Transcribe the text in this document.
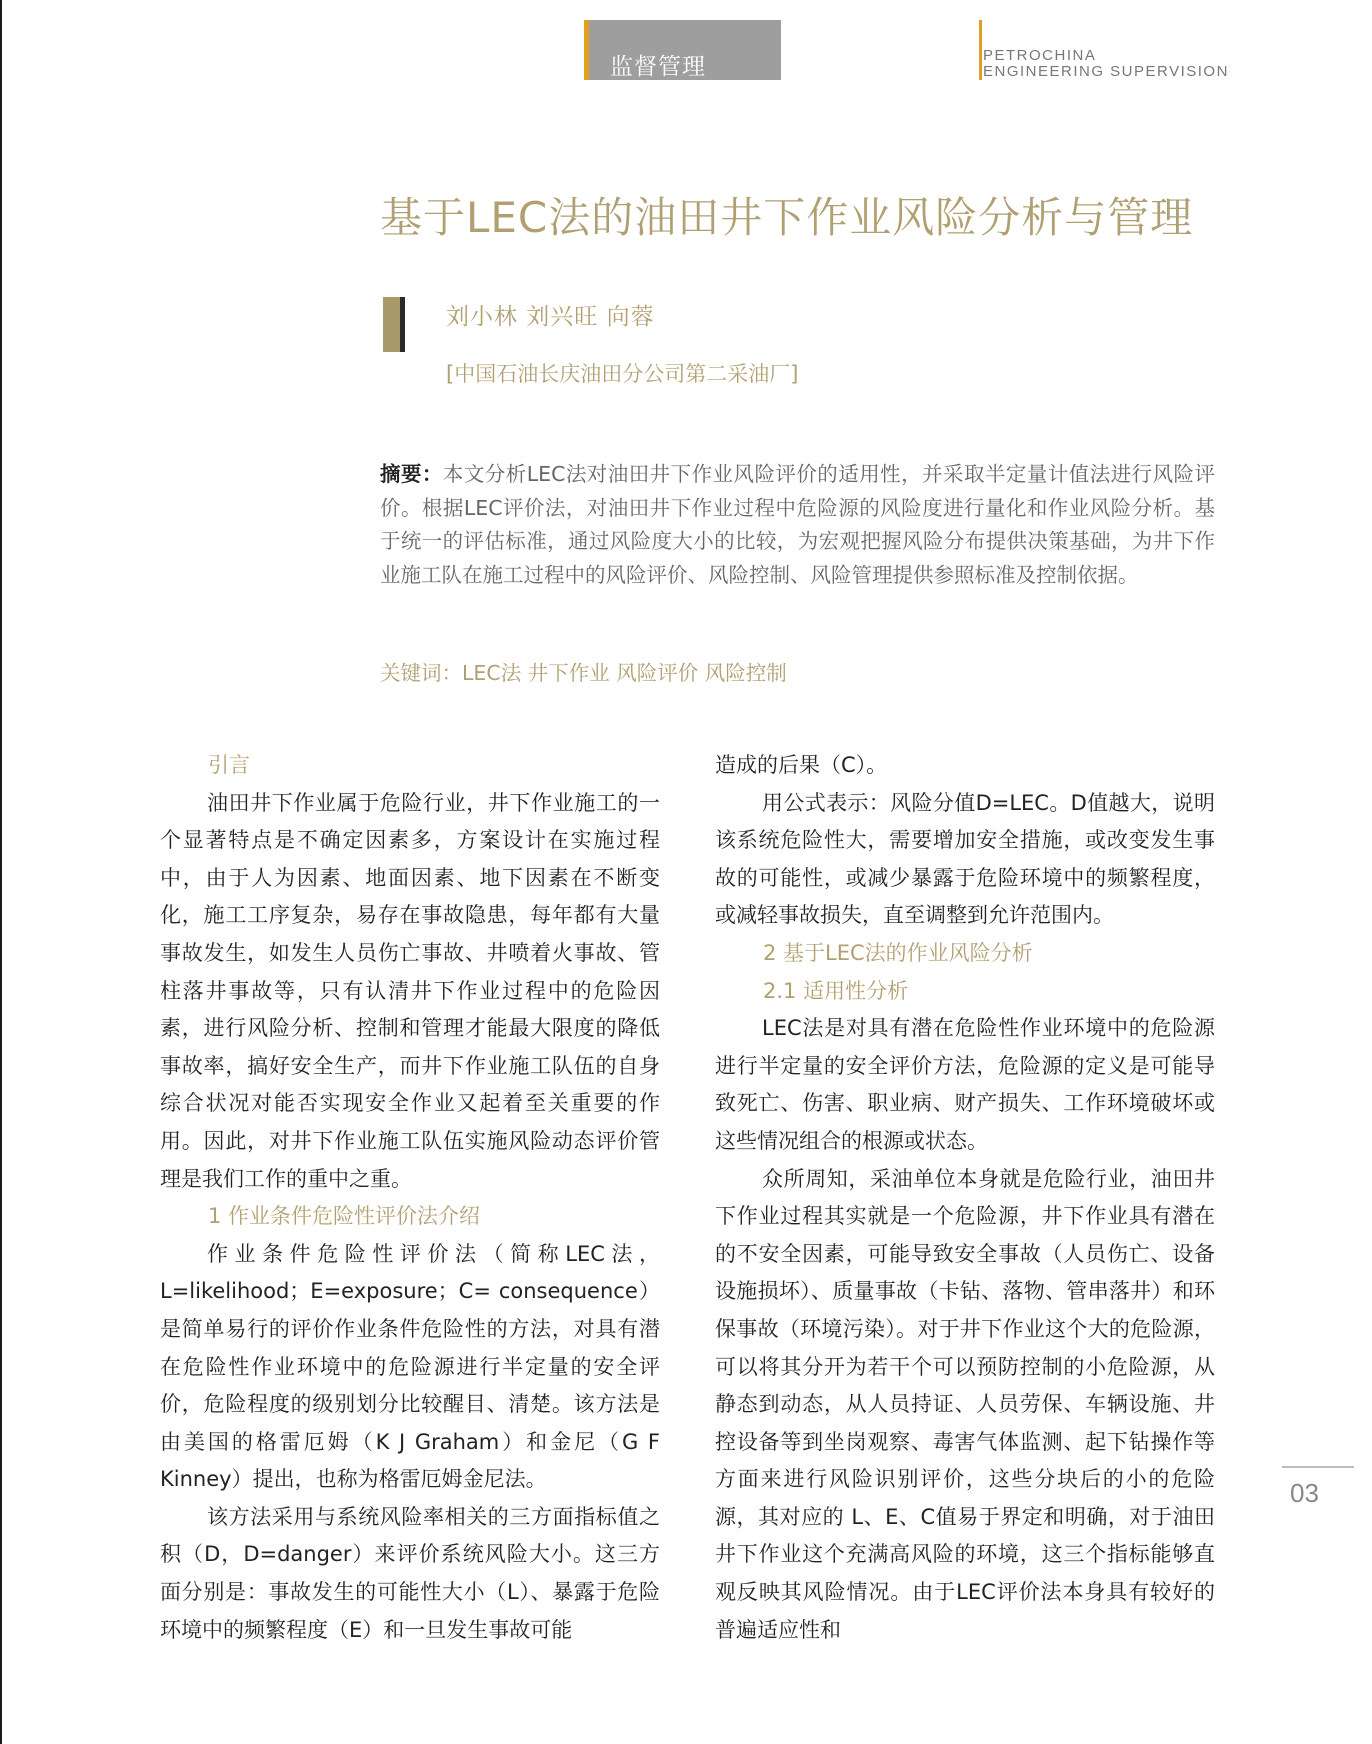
监督管理	PETROCHINA
ENGINEERING SUPERVISION
基于LEC法的油田井下作业风险分析与管理
刘小林 刘兴旺 向蓉
[中国石油长庆油田分公司第二采油厂]
摘要：本文分析LEC法对油田井下作业风险评价的适用性，并采取半定量计值法进行风险评价。根据LEC评价法，对油田井下作业过程中危险源的风险度进行量化和作业风险分析。基于统一的评估标准，通过风险度大小的比较，为宏观把握风险分布提供决策基础，为井下作业施工队在施工过程中的风险评价、风险控制、风险管理提供参照标准及控制依据。
关键词：LEC法 井下作业 风险评价 风险控制

引言

油田井下作业属于危险行业，井下作业施工的一个显著特点是不确定因素多，方案设计在实施过程中，由于人为因素、地面因素、地下因素在不断变化，施工工序复杂，易存在事故隐患，每年都有大量事故发生，如发生人员伤亡事故、井喷着火事故、管柱落井事故等，只有认清井下作业过程中的危险因素，进行风险分析、控制和管理才能最大限度的降低事故率，搞好安全生产，而井下作业施工队伍的自身综合状况对能否实现安全作业又起着至关重要的作用。因此，对井下作业施工队伍实施风险动态评价管理是我们工作的重中之重。

1 作业条件危险性评价法介绍

作业条件危险性评价法（简称LEC法，L=likelihood；E=exposure；C= consequence）是简单易行的评价作业条件危险性的方法，对具有潜在危险性作业环境中的危险源进行半定量的安全评价，危险程度的级别划分比较醒目、清楚。该方法是由美国的格雷厄姆（K J Graham）和金尼（G F Kinney）提出，也称为格雷厄姆金尼法。

该方法采用与系统风险率相关的三方面指标值之积（D，D=danger）来评价系统风险大小。这三方面分别是：事故发生的可能性大小（L）、暴露于危险环境中的频繁程度（E）和一旦发生事故可能

造成的后果（C）。

用公式表示：风险分值D=LEC。D值越大，说明该系统危险性大，需要增加安全措施，或改变发生事故的可能性，或减少暴露于危险环境中的频繁程度，或减轻事故损失，直至调整到允许范围内。

2 基于LEC法的作业风险分析

2.1 适用性分析

LEC法是对具有潜在危险性作业环境中的危险源进行半定量的安全评价方法，危险源的定义是可能导致死亡、伤害、职业病、财产损失、工作环境破坏或这些情况组合的根源或状态。

众所周知，采油单位本身就是危险行业，油田井下作业过程其实就是一个危险源，井下作业具有潜在的不安全因素，可能导致安全事故（人员伤亡、设备设施损坏）、质量事故（卡钻、落物、管串落井）和环保事故（环境污染）。对于井下作业这个大的危险源，可以将其分开为若干个可以预防控制的小危险源，从静态到动态，从人员持证、人员劳保、车辆设施、井控设备等到坐岗观察、毒害气体监测、起下钻操作等方面来进行风险识别评价，这些分块后的小的危险源，其对应的 L、E、C值易于界定和明确，对于油田井下作业这个充满高风险的环境，这三个指标能够直观反映其风险情况。由于LEC评价法本身具有较好的普遍适应性和

03
